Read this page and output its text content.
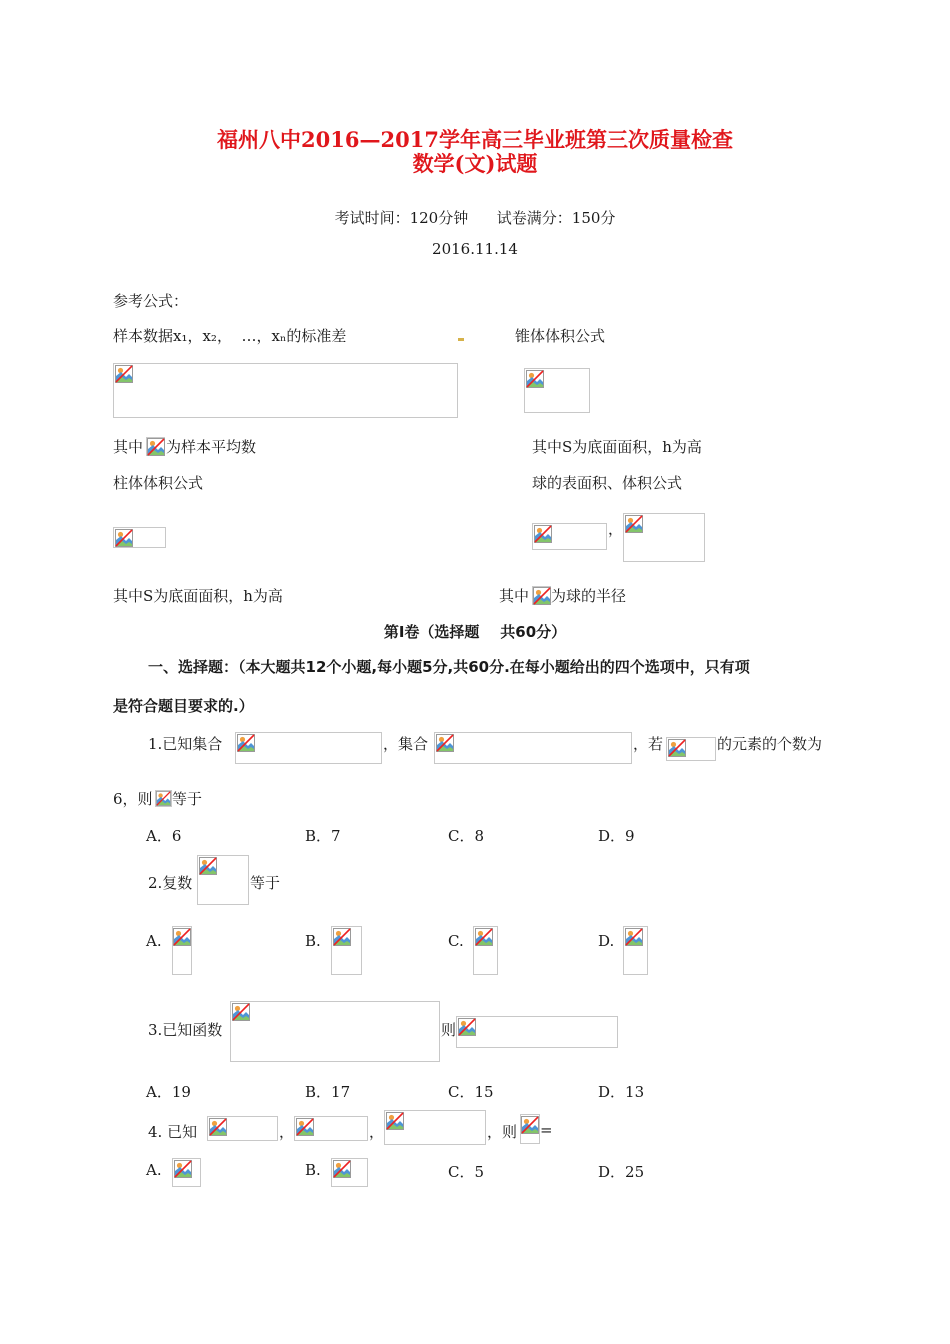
福州八中2016—2017学年高三毕业班第三次质量检查
数学(文)试题
考试时间：120分钟      试卷满分：150分
2016.11.14
参考公式：
样本数据x₁，x₂，  …，xₙ的标准差	锥体体积公式
其中 为样本平均数	其中S为底面面积，h为高
柱体体积公式	球的表面积、体积公式
，
其中S为底面面积，h为高	其中 为球的半径
第Ⅰ卷（选择题    共60分）
一、选择题：（本大题共12个小题,每小题5分,共60分.在每小题给出的四个选项中，只有项
是符合题目要求的.）
1.已知集合	，集合	，若	的元素的个数为
6，则 等于
A．6	B．7	C．8	D．9
2.复数	等于
A.	B.	C.	D.
3.已知函数	则
A．19	B．17	C．15	D．13
4. 已知	，	，	，则 =
A.	B.	C．5	D．25
